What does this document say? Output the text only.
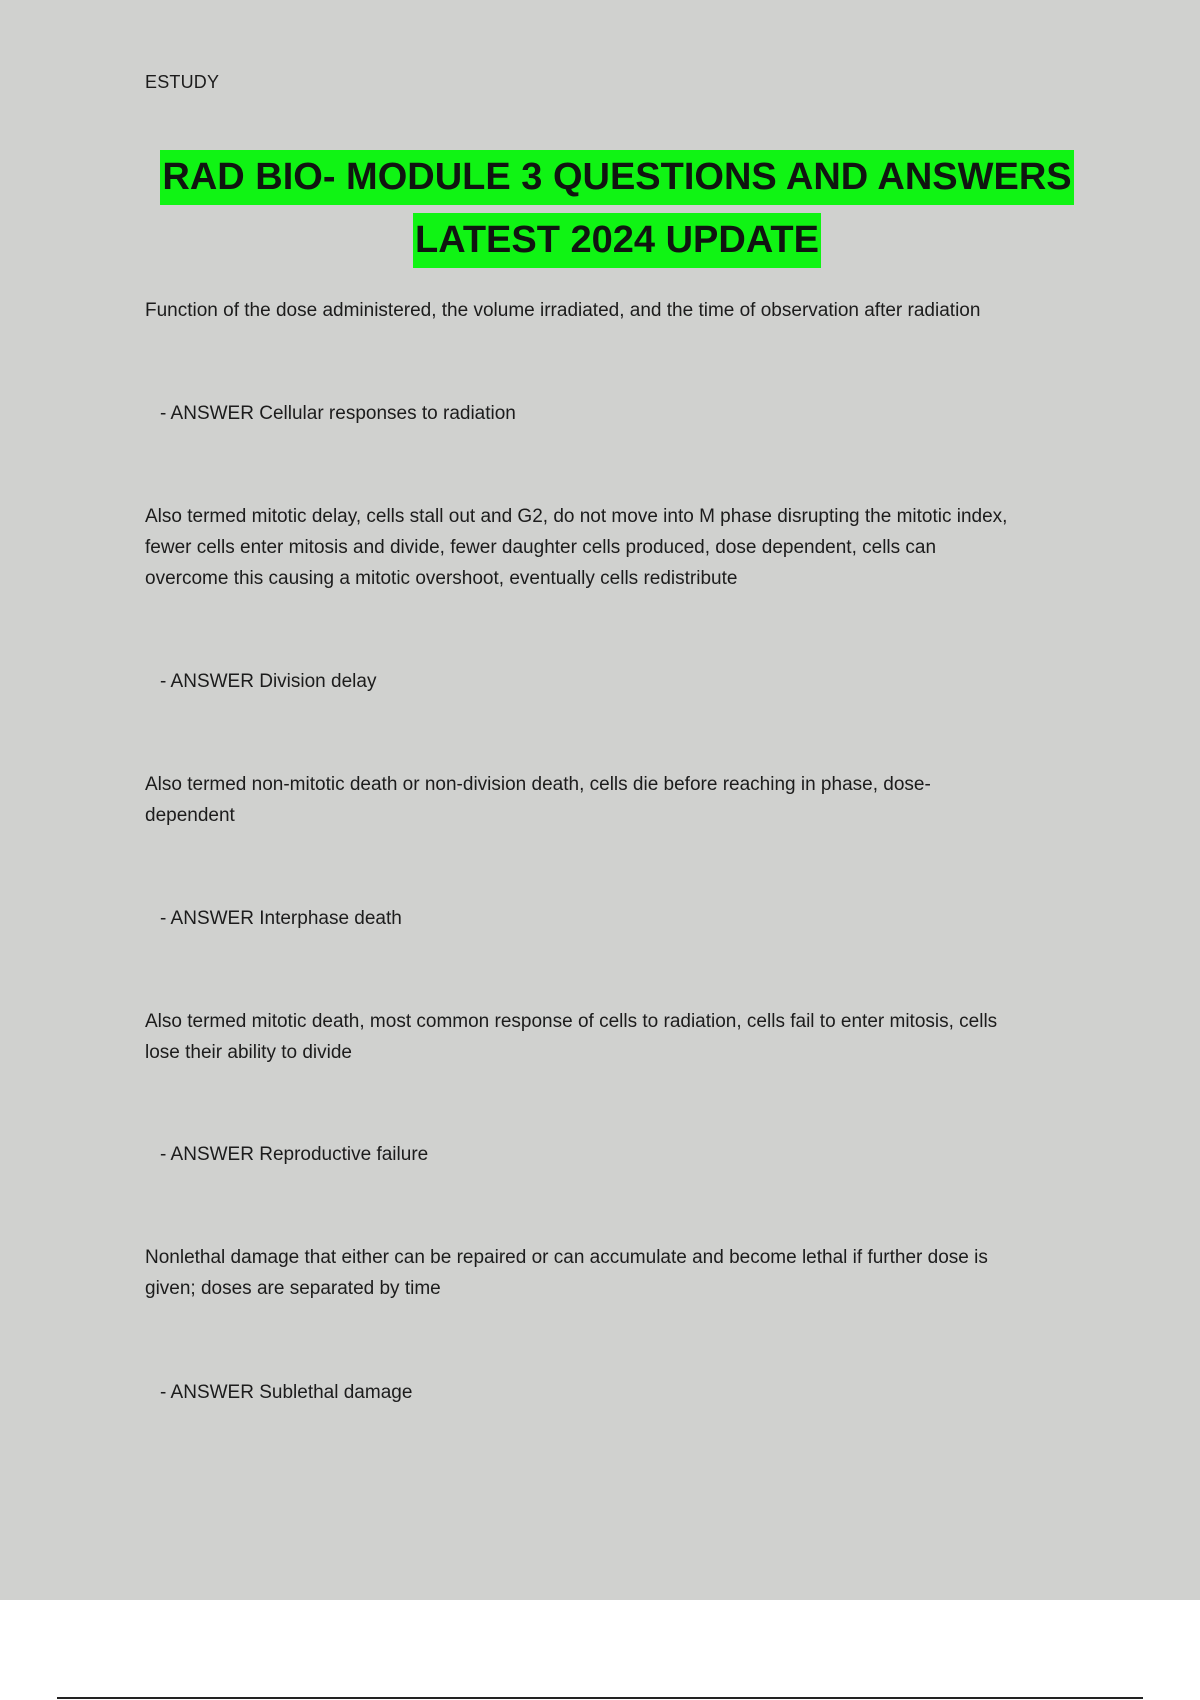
ESTUDY
RAD BIO- MODULE 3 QUESTIONS AND ANSWERS
LATEST 2024 UPDATE

Function of the dose administered, the volume irradiated, and the time of observation after radiation

- ANSWER Cellular responses to radiation

Also termed mitotic delay, cells stall out and G2, do not move into M phase disrupting the mitotic index,
fewer cells enter mitosis and divide, fewer daughter cells produced, dose dependent, cells can
overcome this causing a mitotic overshoot, eventually cells redistribute

- ANSWER Division delay

Also termed non-mitotic death or non-division death, cells die before reaching in phase, dose-
dependent

- ANSWER Interphase death

Also termed mitotic death, most common response of cells to radiation, cells fail to enter mitosis, cells
lose their ability to divide

- ANSWER Reproductive failure

Nonlethal damage that either can be repaired or can accumulate and become lethal if further dose is
given; doses are separated by time

- ANSWER Sublethal damage
